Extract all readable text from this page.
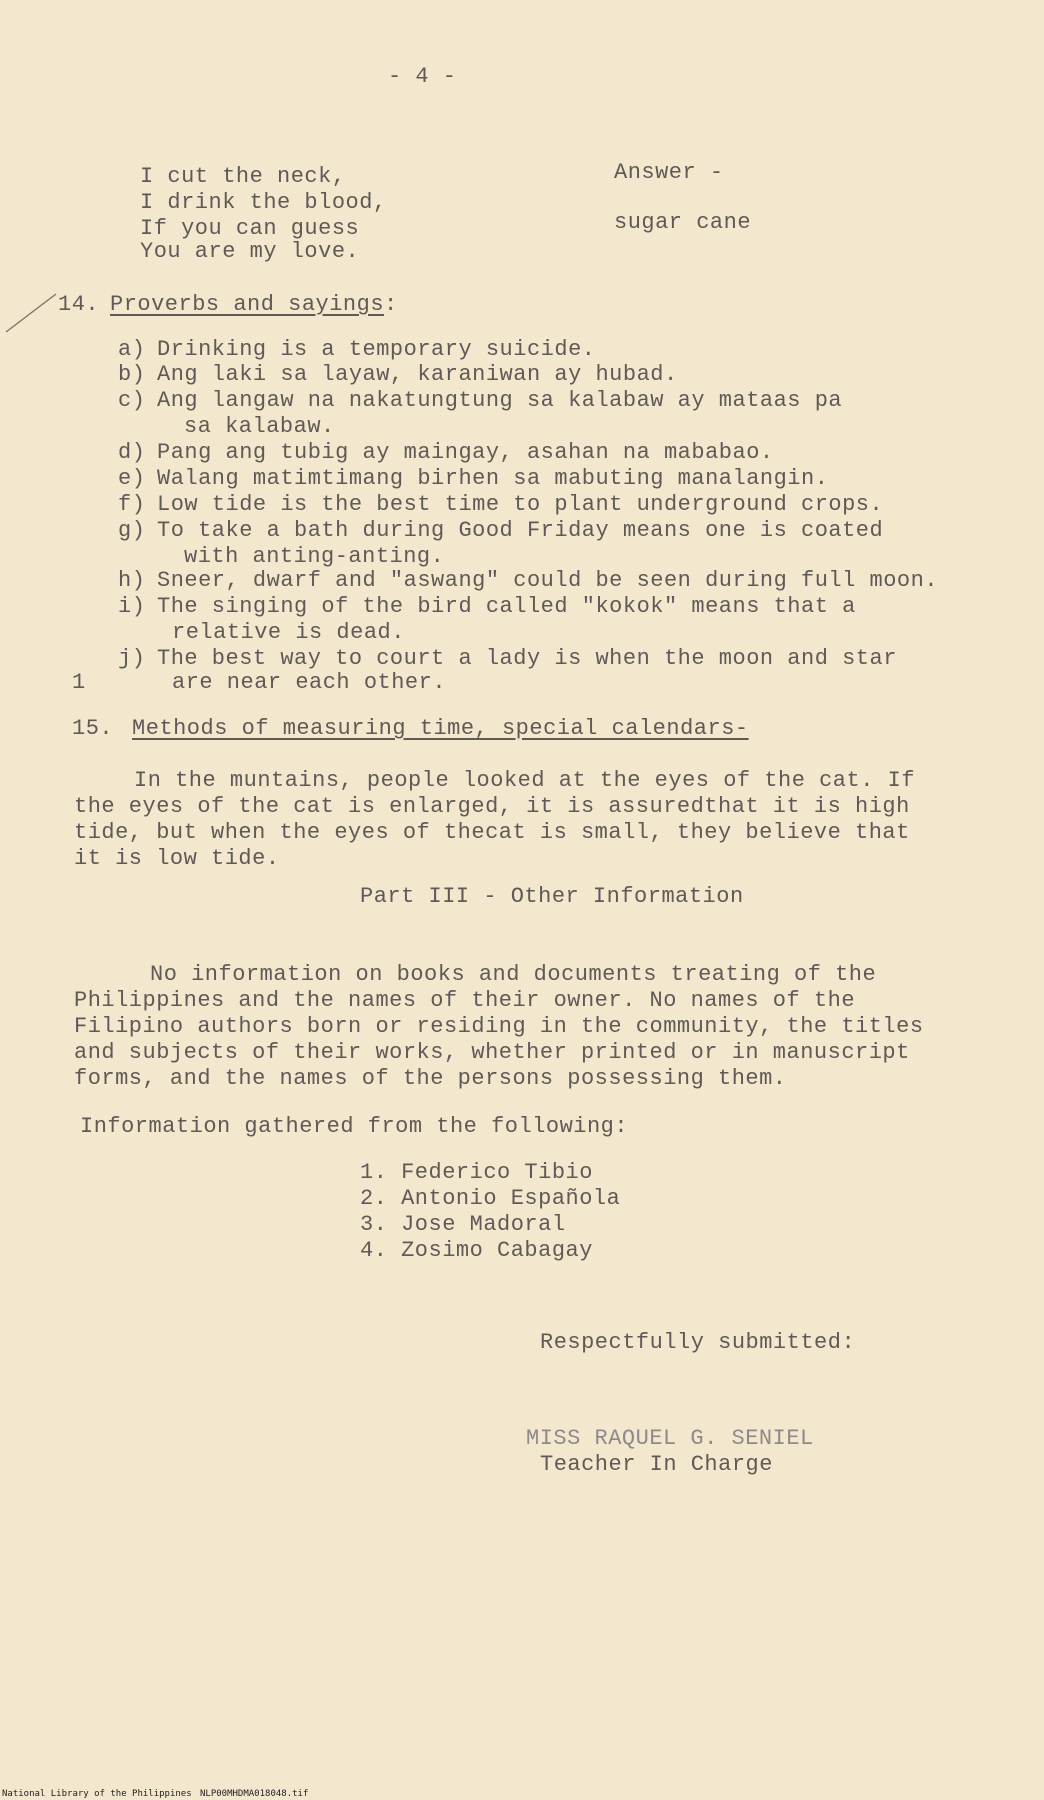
- 4 -
I cut the neck,
I drink the blood,
If you can guess
You are my love.
Answer -
sugar cane
14. Proverbs and sayings:
a) Drinking is a temporary suicide.
b) Ang laki sa layaw, karaniwan ay hubad.
c) Ang langaw na nakatungtung sa kalabaw ay mataas pa
sa kalabaw.
d) Pang ang tubig ay maingay, asahan na mababao.
e) Walang matimtimang birhen sa mabuting manalangin.
f) Low tide is the best time to plant underground crops.
g) To take a bath during Good Friday means one is coated
with anting-anting.
h) Sneer, dwarf and "aswang" could be seen during full moon.
i) The singing of the bird called "kokok" means that a
relative is dead.
j) The best way to court a lady is when the moon and star
are near each other.
1
15. Methods of measuring time, special calendars-
In the muntains, people looked at the eyes of the cat. If
the eyes of the cat is enlarged, it is assuredthat it is high
tide, but when the eyes of thecat is small, they believe that
it is low tide.
Part III - Other Information
No information on books and documents treating of the
Philippines and the names of their owner. No names of the
Filipino authors born or residing in the community, the titles
and subjects of their works, whether printed or in manuscript
forms, and the names of the persons possessing them.
Information gathered from the following:
1. Federico Tibio
2. Antonio Española
3. Jose Madoral
4. Zosimo Cabagay
Respectfully submitted:
MISS RAQUEL G. SENIEL
Teacher In Charge
National Library of the Philippines NLP00MHDMA018048.tif
